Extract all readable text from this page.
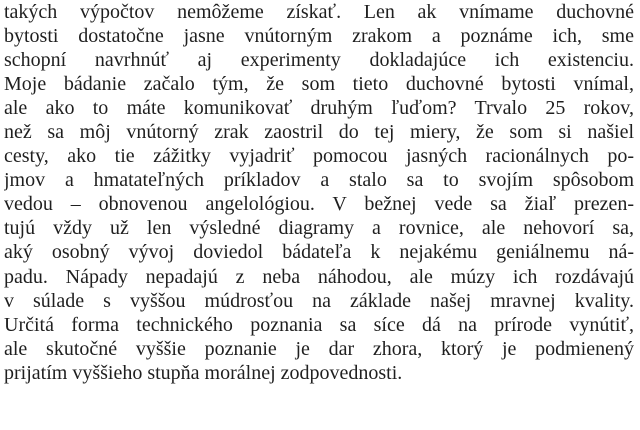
takých výpočtov nemôžeme získať. Len ak vnímame duchovné
bytosti dostatočne jasne vnútorným zrakom a poznáme ich, sme
schopní navrhnúť aj experimenty dokladajúce ich existenciu.
Moje bádanie začalo tým, že som tieto duchovné bytosti vnímal,
ale ako to máte komunikovať druhým ľuďom? Trvalo 25 rokov,
než sa môj vnútorný zrak zaostril do tej miery, že som si našiel
cesty, ako tie zážitky vyjadriť pomocou jasných racionálnych po-
jmov a hmatateľných príkladov a stalo sa to svojím spôsobom
vedou – obnovenou angelológiou. V bežnej vede sa žiaľ prezen-
tujú vždy už len výsledné diagramy a rovnice, ale nehovorí sa,
aký osobný vývoj doviedol bádateľa k nejakému geniálnemu ná-
padu. Nápady nepadajú z neba náhodou, ale múzy ich rozdávajú
v súlade s vyššou múdrosťou na základe našej mravnej kvality.
Určitá forma technického poznania sa síce dá na prírode vynútiť,
ale skutočné vyššie poznanie je dar zhora, ktorý je podmienený
prijatím vyššieho stupňa morálnej zodpovednosti.
